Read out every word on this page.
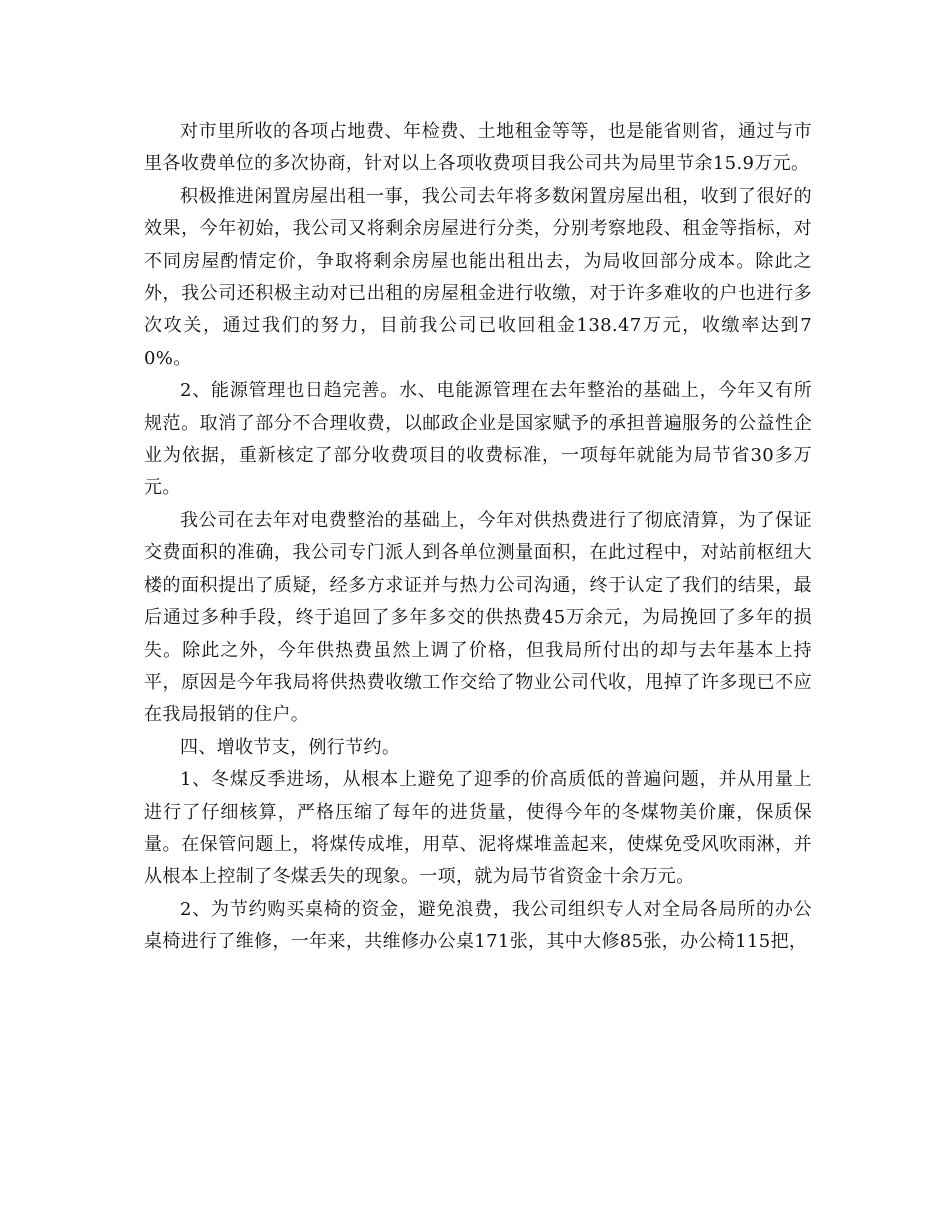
对市里所收的各项占地费、年检费、土地租金等等，也是能省则省，通过与市里各收费单位的多次协商，针对以上各项收费项目我公司共为局里节余15.9万元。

积极推进闲置房屋出租一事，我公司去年将多数闲置房屋出租，收到了很好的效果，今年初始，我公司又将剩余房屋进行分类，分别考察地段、租金等指标，对不同房屋酌情定价，争取将剩余房屋也能出租出去，为局收回部分成本。除此之外，我公司还积极主动对已出租的房屋租金进行收缴，对于许多难收的户也进行多次攻关，通过我们的努力，目前我公司已收回租金138.47万元，收缴率达到70%。

2、能源管理也日趋完善。水、电能源管理在去年整治的基础上，今年又有所规范。取消了部分不合理收费，以邮政企业是国家赋予的承担普遍服务的公益性企业为依据，重新核定了部分收费项目的收费标准，一项每年就能为局节省30多万元。

我公司在去年对电费整治的基础上，今年对供热费进行了彻底清算，为了保证交费面积的准确，我公司专门派人到各单位测量面积，在此过程中，对站前枢纽大楼的面积提出了质疑，经多方求证并与热力公司沟通，终于认定了我们的结果，最后通过多种手段，终于追回了多年多交的供热费45万余元，为局挽回了多年的损失。除此之外，今年供热费虽然上调了价格，但我局所付出的却与去年基本上持平，原因是今年我局将供热费收缴工作交给了物业公司代收，甩掉了许多现已不应在我局报销的住户。

四、增收节支，例行节约。

1、冬煤反季进场，从根本上避免了迎季的价高质低的普遍问题，并从用量上进行了仔细核算，严格压缩了每年的进货量，使得今年的冬煤物美价廉，保质保量。在保管问题上，将煤传成堆，用草、泥将煤堆盖起来，使煤免受风吹雨淋，并从根本上控制了冬煤丢失的现象。一项，就为局节省资金十余万元。

2、为节约购买桌椅的资金，避免浪费，我公司组织专人对全局各局所的办公桌椅进行了维修，一年来，共维修办公桌171张，其中大修85张，办公椅115把，
